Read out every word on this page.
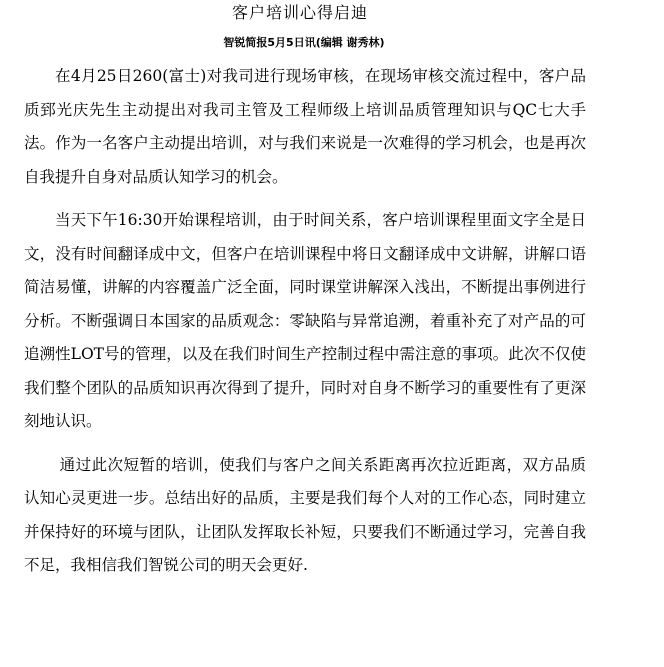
客户培训心得启迪
智锐简报5月5日讯(编辑 谢秀林)

在4月25日260(富士)对我司进行现场审核，在现场审核交流过程中，客户品质郅光庆先生主动提出对我司主管及工程师级上培训品质管理知识与QC七大手法。作为一名客户主动提出培训，对与我们来说是一次难得的学习机会，也是再次自我提升自身对品质认知学习的机会。

当天下午16:30开始课程培训，由于时间关系，客户培训课程里面文字全是日文，没有时间翻译成中文，但客户在培训课程中将日文翻译成中文讲解，讲解口语简洁易懂，讲解的内容覆盖广泛全面，同时课堂讲解深入浅出，不断提出事例进行分析。不断强调日本国家的品质观念：零缺陷与异常追溯，着重补充了对产品的可追溯性LOT号的管理，以及在我们时间生产控制过程中需注意的事项。此次不仅使我们整个团队的品质知识再次得到了提升，同时对自身不断学习的重要性有了更深刻地认识。

通过此次短暂的培训，使我们与客户之间关系距离再次拉近距离，双方品质认知心灵更进一步。总结出好的品质，主要是我们每个人对的工作心态，同时建立并保持好的环境与团队，让团队发挥取长补短，只要我们不断通过学习，完善自我不足，我相信我们智锐公司的明天会更好.
